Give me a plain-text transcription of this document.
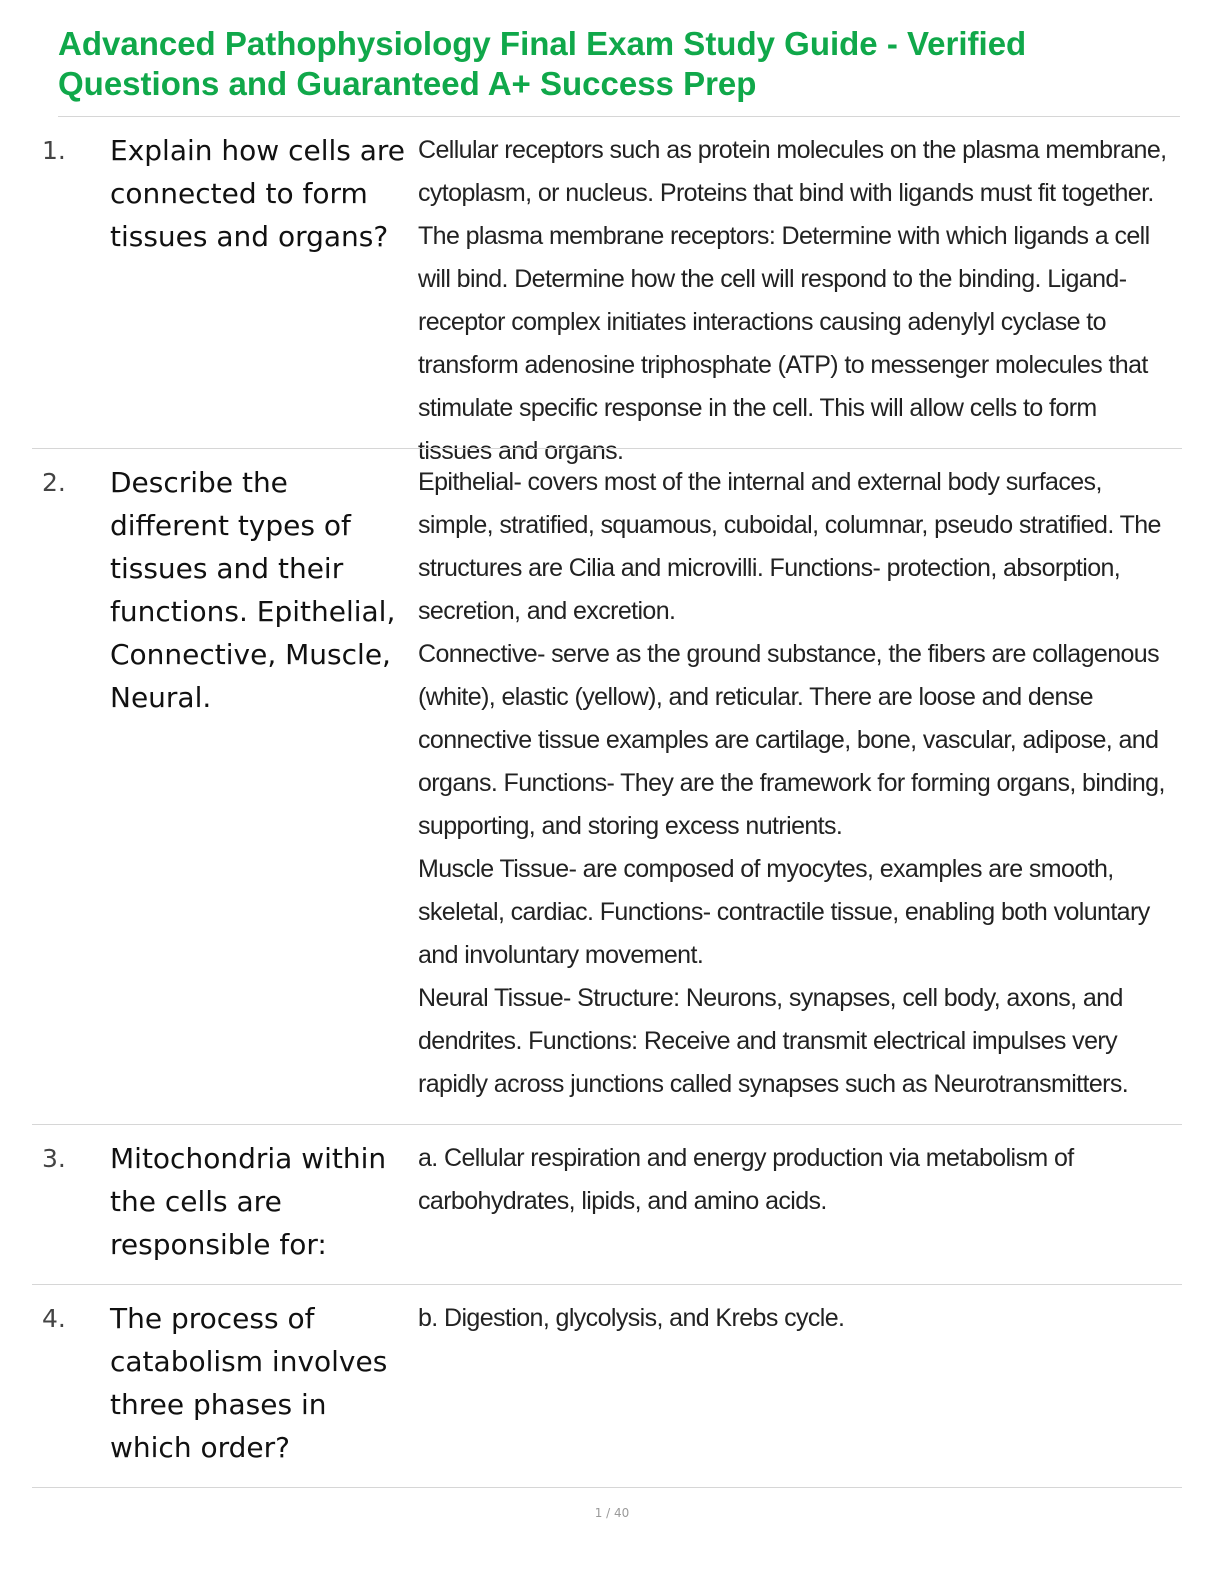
Advanced Pathophysiology Final Exam Study Guide - Verified Questions and Guaranteed A+ Success Prep
1. Explain how cells are connected to form tissues and organs?

Cellular receptors such as protein molecules on the plasma membrane, cytoplasm, or nucleus. Proteins that bind with ligands must fit together. The plasma membrane receptors: Determine with which ligands a cell will bind. Determine how the cell will respond to the binding. Ligand-receptor complex initiates interactions causing adenylyl cyclase to transform adenosine triphosphate (ATP) to messenger molecules that stimulate specific response in the cell. This will allow cells to form tissues and organs.

2. Describe the different types of tissues and their functions. Epithelial, Connective, Muscle, Neural.

Epithelial- covers most of the internal and external body surfaces, simple, stratified, squamous, cuboidal, columnar, pseudo stratified. The structures are Cilia and microvilli. Functions- protection, absorption, secretion, and excretion.

Connective- serve as the ground substance, the fibers are collagenous (white), elastic (yellow), and reticular. There are loose and dense connective tissue examples are cartilage, bone, vascular, adipose, and organs. Functions- They are the framework for forming organs, binding, supporting, and storing excess nutrients.

Muscle Tissue- are composed of myocytes, examples are smooth, skeletal, cardiac. Functions- contractile tissue, enabling both voluntary and involuntary movement.

Neural Tissue- Structure: Neurons, synapses, cell body, axons, and dendrites. Functions: Receive and transmit electrical impulses very rapidly across junctions called synapses such as Neurotransmitters.

3. Mitochondria within the cells are responsible for:

a. Cellular respiration and energy production via metabolism of carbohydrates, lipids, and amino acids.

4. The process of catabolism involves three phases in which order?

b. Digestion, glycolysis, and Krebs cycle.

1 / 40
